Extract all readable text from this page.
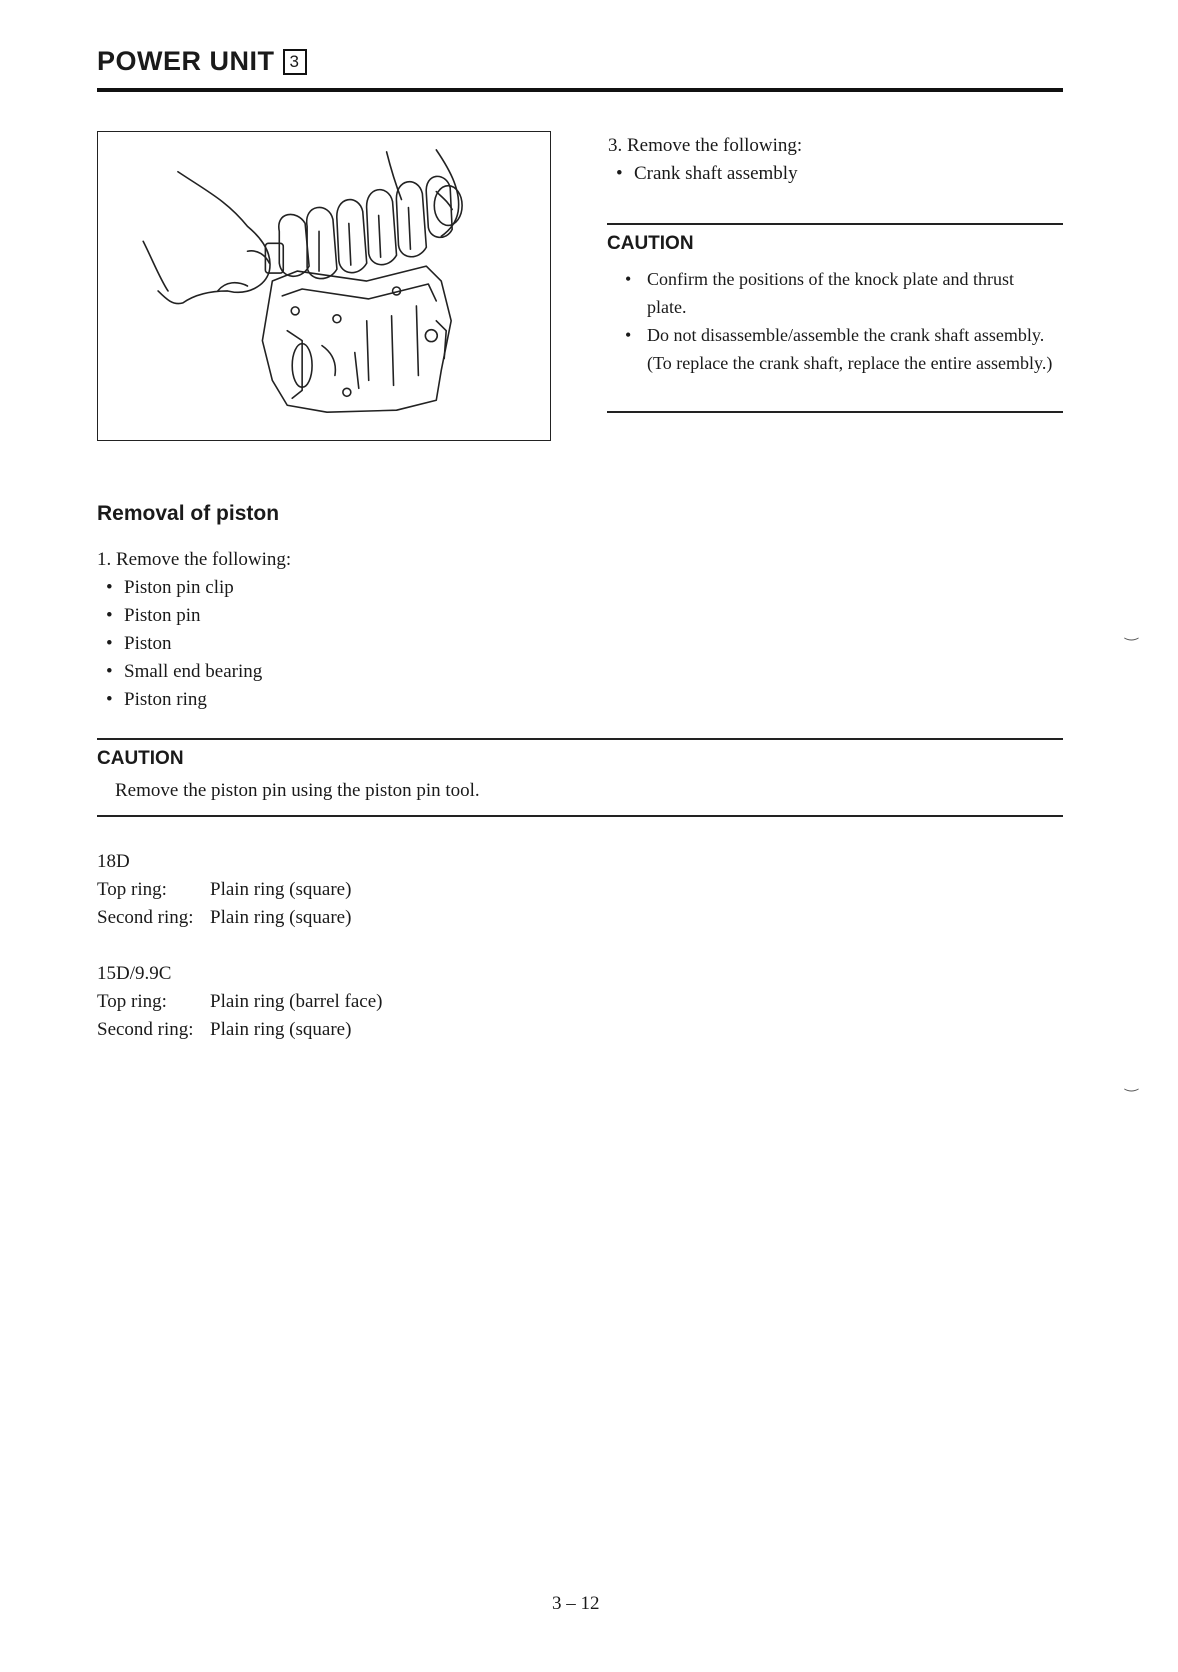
POWER UNIT 3
3. Remove the following:
• Crank shaft assembly
CAUTION
• Confirm the positions of the knock plate and thrust plate.
• Do not disassemble/assemble the crank shaft assembly. (To replace the crank shaft, replace the entire assembly.)
Removal of piston
1. Remove the following:
• Piston pin clip
• Piston pin
• Piston
• Small end bearing
• Piston ring
CAUTION
Remove the piston pin using the piston pin tool.
18D
Top ring:	Plain ring (square)
Second ring: Plain ring (square)
15D/9.9C
Top ring:	Plain ring (barrel face)
Second ring: Plain ring (square)
‿
‿
3 – 12
